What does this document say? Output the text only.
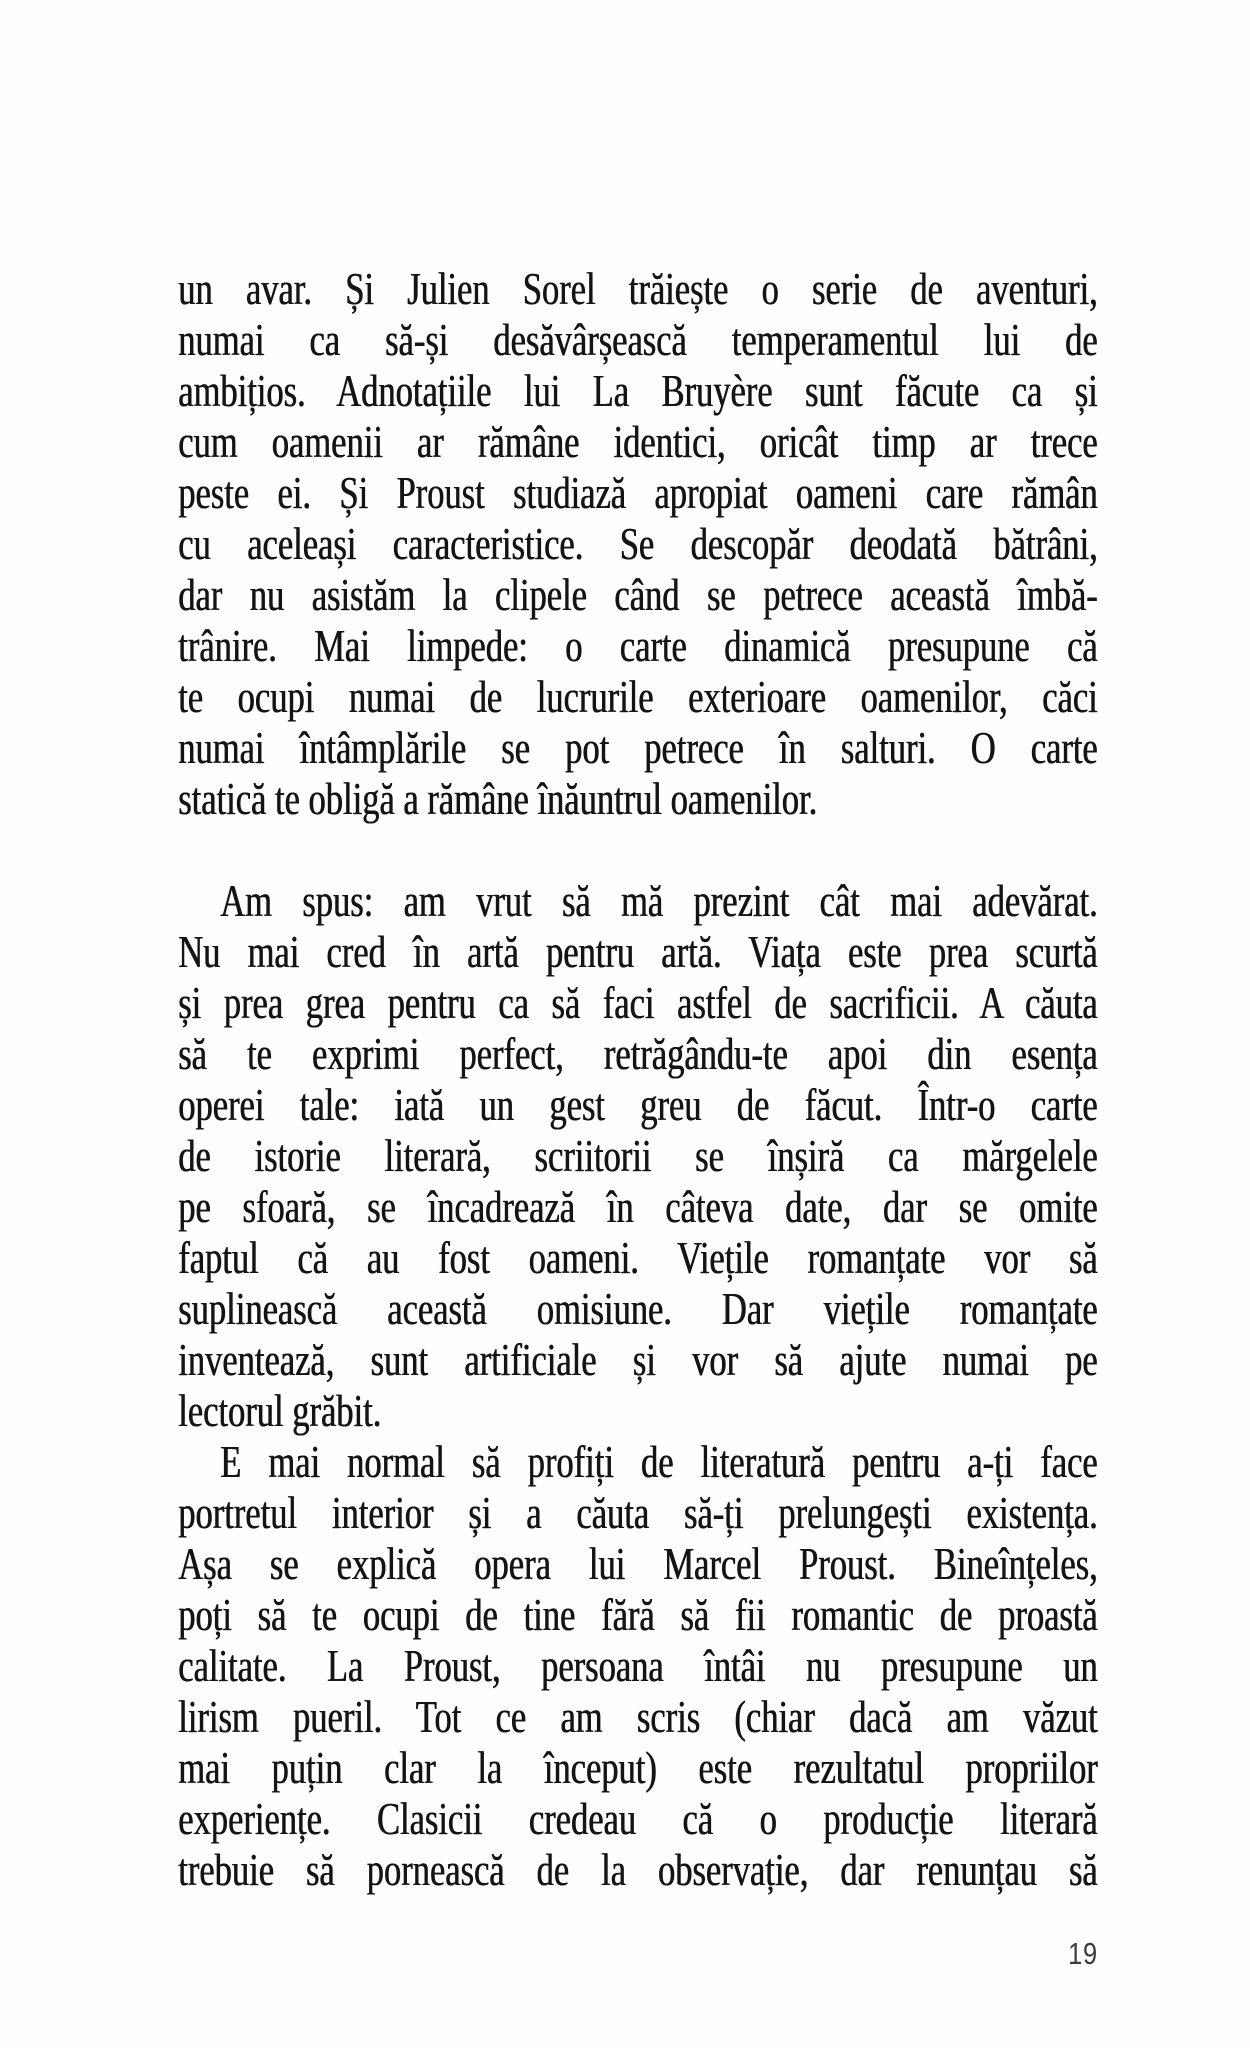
un avar. Și Julien Sorel trăiește o serie de aventuri,
numai ca să-și desăvârșească temperamentul lui de
ambițios. Adnotațiile lui La Bruyère sunt făcute ca și
cum oamenii ar rămâne identici, oricât timp ar trece
peste ei. Și Proust studiază apropiat oameni care rămân
cu aceleași caracteristice. Se descopăr deodată bătrâni,
dar nu asistăm la clipele când se petrece această îmbă-
trânire. Mai limpede: o carte dinamică presupune că
te ocupi numai de lucrurile exterioare oamenilor, căci
numai întâmplările se pot petrece în salturi. O carte
statică te obligă a rămâne înăuntrul oamenilor.
Am spus: am vrut să mă prezint cât mai adevărat.
Nu mai cred în artă pentru artă. Viața este prea scurtă
și prea grea pentru ca să faci astfel de sacrificii. A căuta
să te exprimi perfect, retrăgându-te apoi din esența
operei tale: iată un gest greu de făcut. Într-o carte
de istorie literară, scriitorii se înșiră ca mărgelele
pe sfoară, se încadrează în câteva date, dar se omite
faptul că au fost oameni. Viețile romanțate vor să
suplinească această omisiune. Dar viețile romanțate
inventează, sunt artificiale și vor să ajute numai pe
lectorul grăbit.
E mai normal să profiți de literatură pentru a-ți face
portretul interior și a căuta să-ți prelungești existența.
Așa se explică opera lui Marcel Proust. Bineînțeles,
poți să te ocupi de tine fără să fii romantic de proastă
calitate. La Proust, persoana întâi nu presupune un
lirism pueril. Tot ce am scris (chiar dacă am văzut
mai puțin clar la început) este rezultatul propriilor
experiențe. Clasicii credeau că o producție literară
trebuie să pornească de la observație, dar renunțau să
19
